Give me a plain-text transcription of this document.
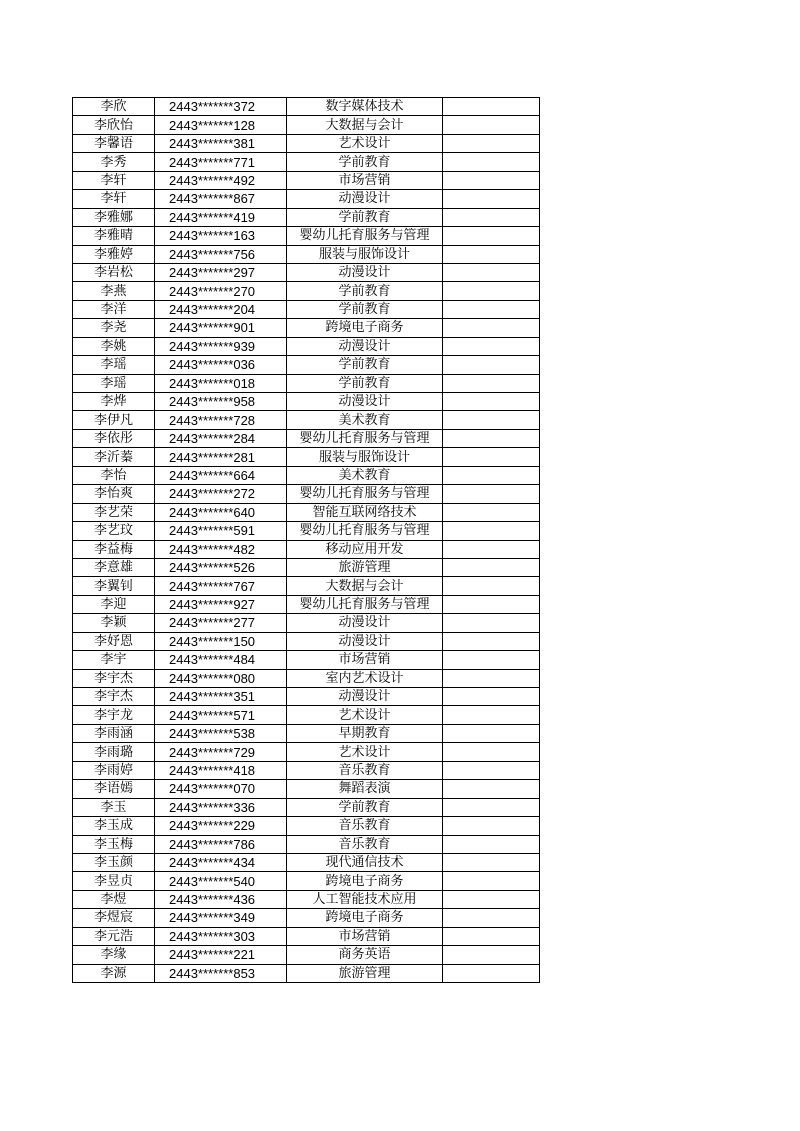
李欣	2443*******372	数字媒体技术	
李欣怡	2443*******128	大数据与会计	
李馨语	2443*******381	艺术设计	
李秀	2443*******771	学前教育	
李轩	2443*******492	市场营销	
李轩	2443*******867	动漫设计	
李雅娜	2443*******419	学前教育	
李雅晴	2443*******163	婴幼儿托育服务与管理	
李雅婷	2443*******756	服装与服饰设计	
李岩松	2443*******297	动漫设计	
李燕	2443*******270	学前教育	
李洋	2443*******204	学前教育	
李尧	2443*******901	跨境电子商务	
李姚	2443*******939	动漫设计	
李瑶	2443*******036	学前教育	
李瑶	2443*******018	学前教育	
李烨	2443*******958	动漫设计	
李伊凡	2443*******728	美术教育	
李依彤	2443*******284	婴幼儿托育服务与管理	
李沂蓁	2443*******281	服装与服饰设计	
李怡	2443*******664	美术教育	
李怡爽	2443*******272	婴幼儿托育服务与管理	
李艺荣	2443*******640	智能互联网络技术	
李艺玟	2443*******591	婴幼儿托育服务与管理	
李益梅	2443*******482	移动应用开发	
李意雄	2443*******526	旅游管理	
李翼钊	2443*******767	大数据与会计	
李迎	2443*******927	婴幼儿托育服务与管理	
李颖	2443*******277	动漫设计	
李妤恩	2443*******150	动漫设计	
李宇	2443*******484	市场营销	
李宇杰	2443*******080	室内艺术设计	
李宇杰	2443*******351	动漫设计	
李宇龙	2443*******571	艺术设计	
李雨涵	2443*******538	早期教育	
李雨璐	2443*******729	艺术设计	
李雨婷	2443*******418	音乐教育	
李语嫣	2443*******070	舞蹈表演	
李玉	2443*******336	学前教育	
李玉成	2443*******229	音乐教育	
李玉梅	2443*******786	音乐教育	
李玉颜	2443*******434	现代通信技术	
李昱贞	2443*******540	跨境电子商务	
李煜	2443*******436	人工智能技术应用	
李煜宸	2443*******349	跨境电子商务	
李元浩	2443*******303	市场营销	
李缘	2443*******221	商务英语	
李源	2443*******853	旅游管理	
